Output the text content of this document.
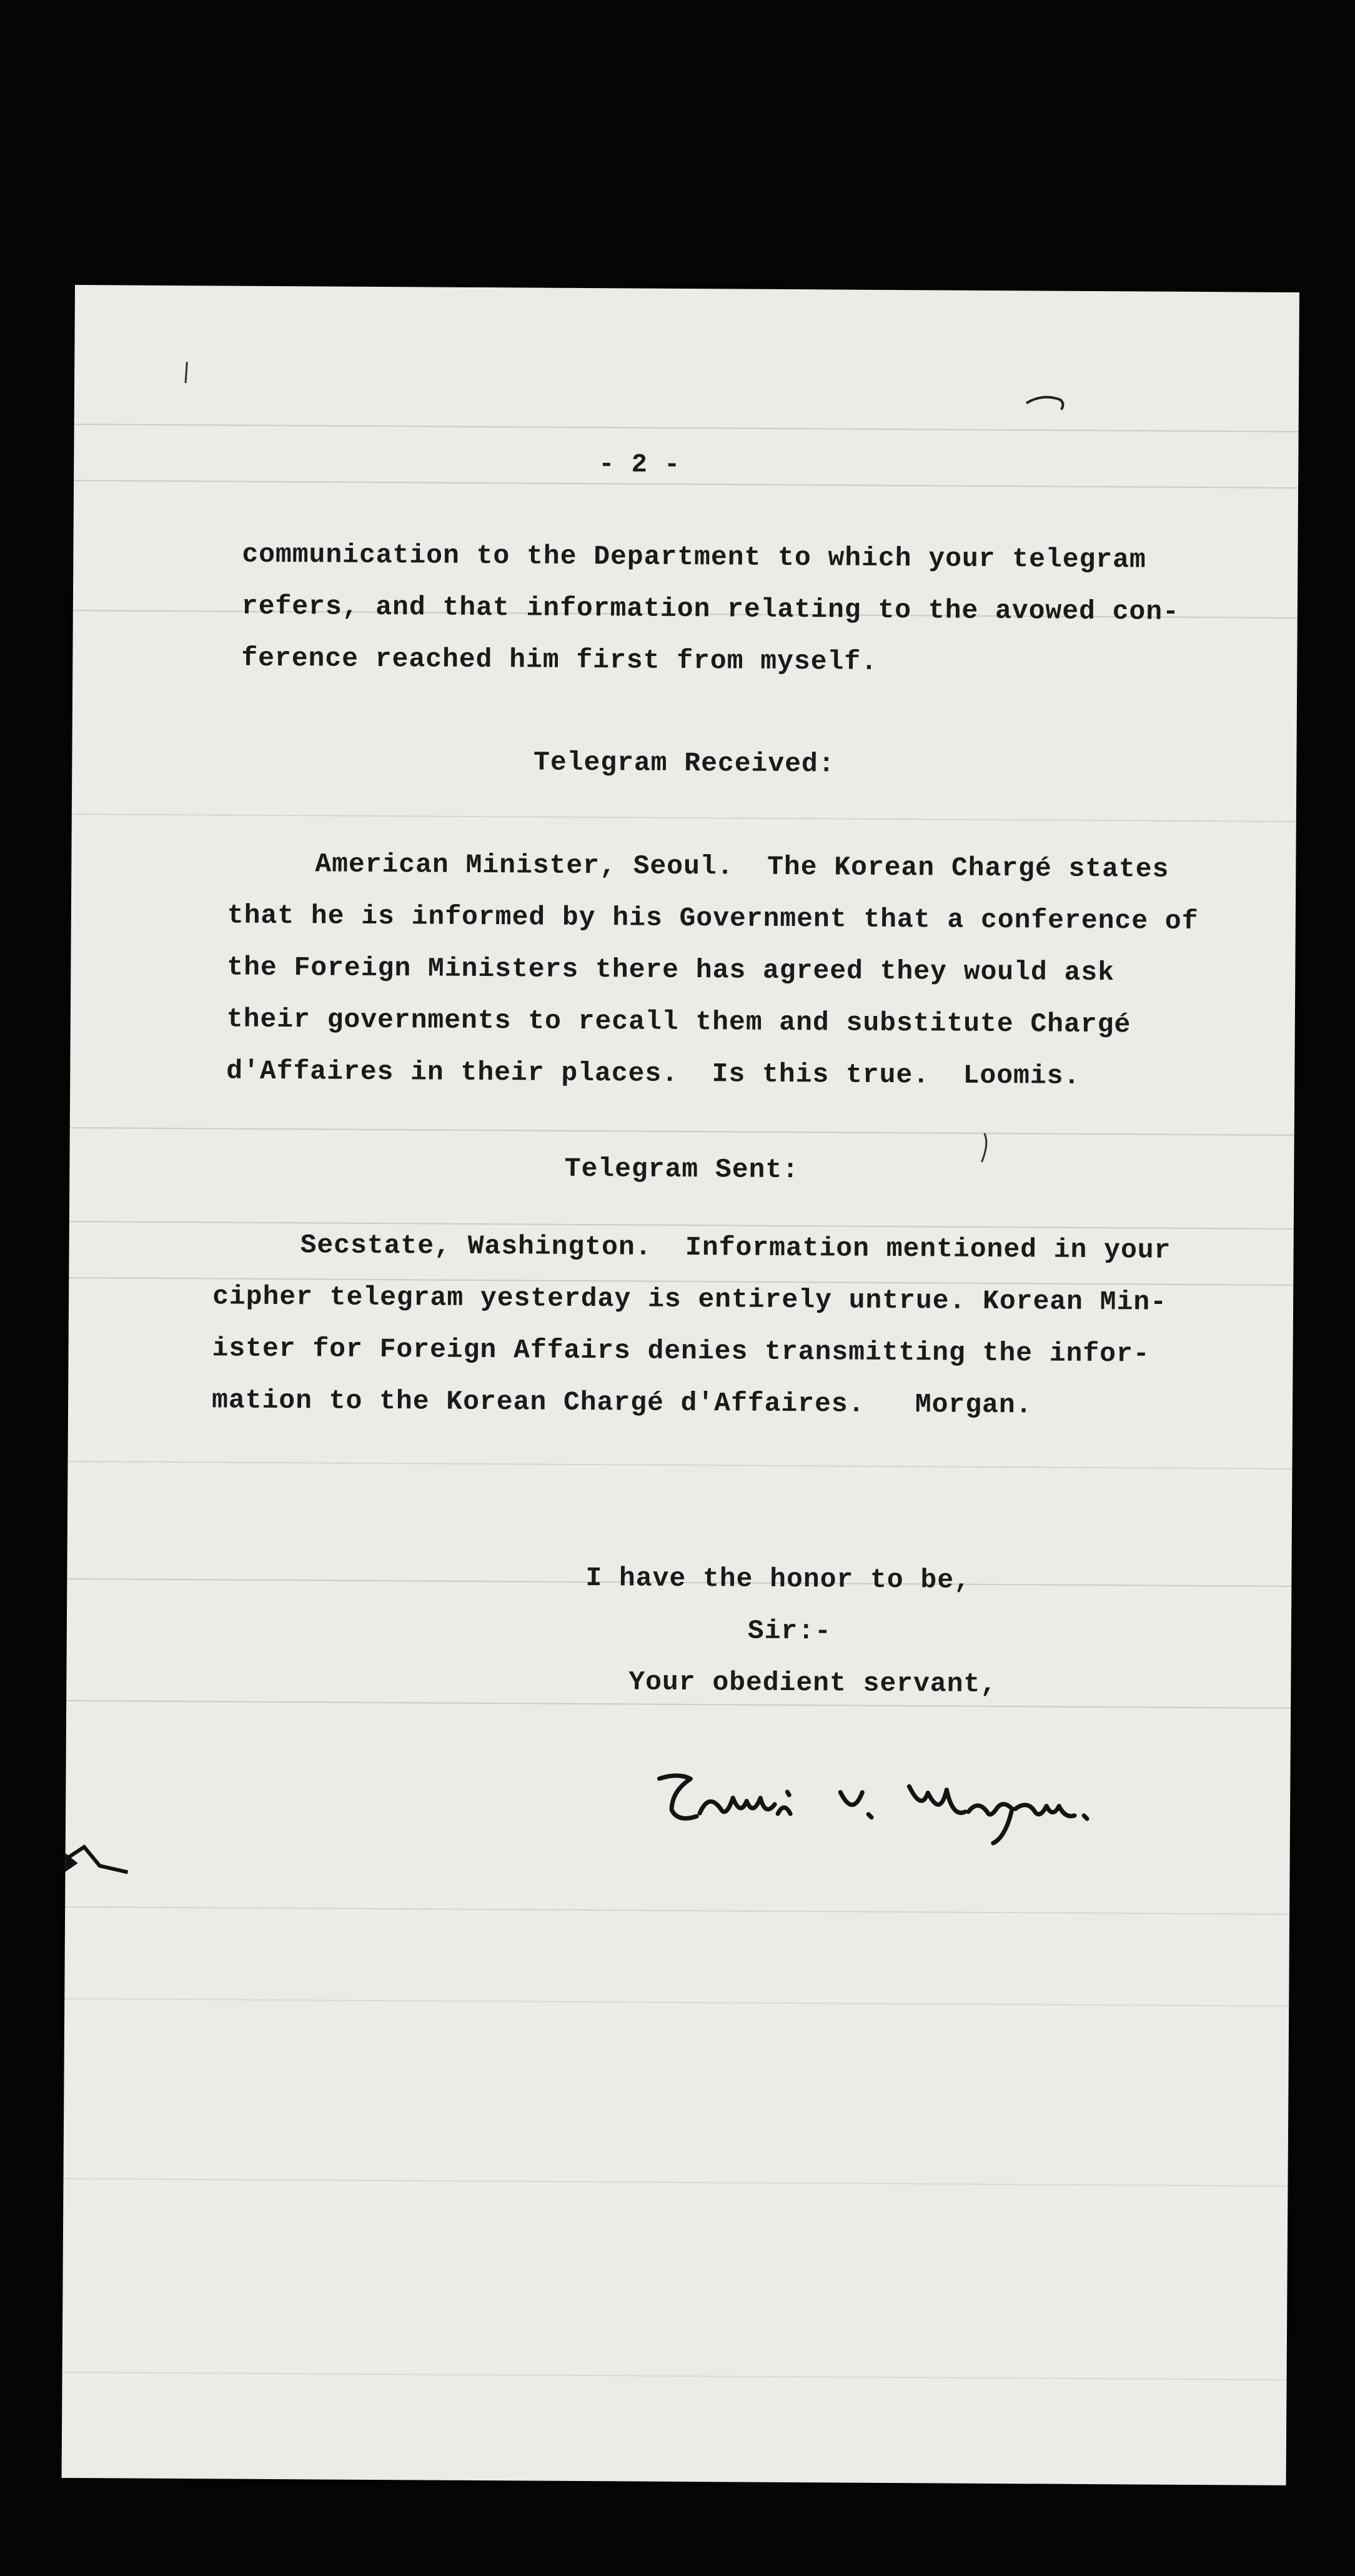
- 2 -
communication to the Department to which your telegram
refers, and that information relating to the avowed con-
ference reached him first from myself.
Telegram Received:
American Minister, Seoul.  The Korean Chargé states
that he is informed by his Government that a conference of
the Foreign Ministers there has agreed they would ask
their governments to recall them and substitute Chargé
d'Affaires in their places.  Is this true.  Loomis.
Telegram Sent:
Secstate, Washington.  Information mentioned in your
cipher telegram yesterday is entirely untrue. Korean Min-
ister for Foreign Affairs denies transmitting the infor-
mation to the Korean Chargé d'Affaires.   Morgan.
I have the honor to be,
Sir:-
Your obedient servant,
